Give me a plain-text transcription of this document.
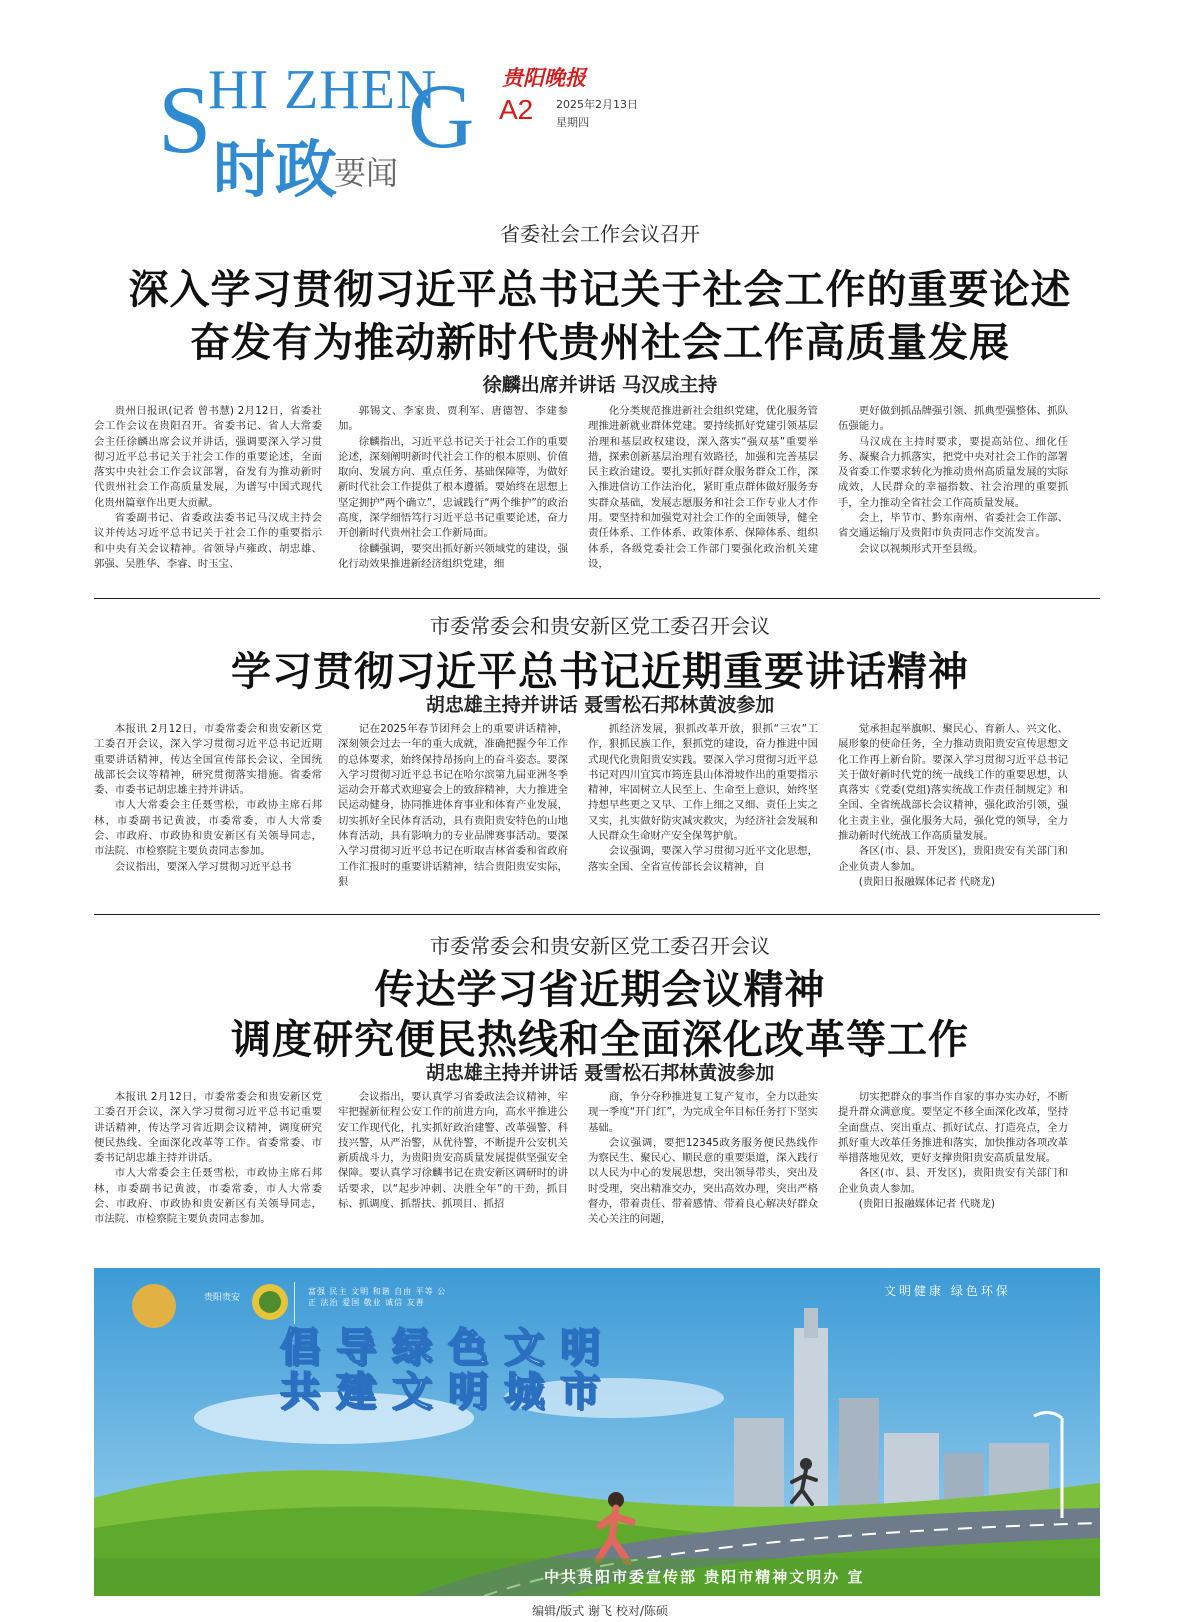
S
HI ZHEN
G
时政
要闻
贵阳晚报
A2 2025年2月13日
星期四
省委社会工作会议召开
深入学习贯彻习近平总书记关于社会工作的重要论述
奋发有为推动新时代贵州社会工作高质量发展
徐麟出席并讲话 马汉成主持

贵州日报讯(记者 曾书慧) 2月12日，省委社会工作会议在贵阳召开。省委书记、省人大常委会主任徐麟出席会议并讲话，强调要深入学习贯彻习近平总书记关于社会工作的重要论述，全面落实中央社会工作会议部署，奋发有为推动新时代贵州社会工作高质量发展，为谱写中国式现代化贵州篇章作出更大贡献。

省委副书记、省委政法委书记马汉成主持会议并传达习近平总书记关于社会工作的重要指示和中央有关会议精神。省领导卢雍政、胡忠雄、郭强、吴胜华、李睿、时玉宝、

郭锡文、李家贵、贾利军、唐德智、李建参加。

徐麟指出，习近平总书记关于社会工作的重要论述，深刻阐明新时代社会工作的根本原则、价值取向、发展方向、重点任务、基础保障等，为做好新时代社会工作提供了根本遵循。要始终在思想上坚定拥护“两个确立”，忠诚践行“两个维护”的政治高度，深学细悟笃行习近平总书记重要论述，奋力开创新时代贵州社会工作新局面。

徐麟强调，要突出抓好新兴领域党的建设，强化行动效果推进新经济组织党建，细

化分类规范推进新社会组织党建，优化服务管理推进新就业群体党建。要持续抓好党建引领基层治理和基层政权建设，深入落实“强双基”重要举措，探索创新基层治理有效路径，加强和完善基层民主政治建设。要扎实抓好群众服务群众工作，深入推进信访工作法治化，紧盯重点群体做好服务夯实群众基础，发展志愿服务和社会工作专业人才作用。要坚持和加强党对社会工作的全面领导，健全责任体系、工作体系、政策体系、保障体系、组织体系，各级党委社会工作部门要强化政治机关建设，

更好做到抓品牌强引领、抓典型强整体、抓队伍强能力。

马汉成在主持时要求，要提高站位、细化任务、凝聚合力抓落实，把党中央对社会工作的部署及省委工作要求转化为推动贵州高质量发展的实际成效，人民群众的幸福指数、社会治理的重要抓手，全力推动全省社会工作高质量发展。

会上，毕节市、黔东南州、省委社会工作部、省交通运输厅及贵阳市负责同志作交流发言。

会议以视频形式开至县级。

市委常委会和贵安新区党工委召开会议
学习贯彻习近平总书记近期重要讲话精神
胡忠雄主持并讲话 聂雪松石邦林黄波参加

本报讯 2月12日，市委常委会和贵安新区党工委召开会议，深入学习贯彻习近平总书记近期重要讲话精神，传达全国宣传部长会议、全国统战部长会议等精神，研究贯彻落实措施。省委常委、市委书记胡忠雄主持并讲话。

市人大常委会主任聂雪松，市政协主席石邦林，市委副书记黄波，市委常委，市人大常委会、市政府、市政协和贵安新区有关领导同志，市法院、市检察院主要负责同志参加。

会议指出，要深入学习贯彻习近平总书

记在2025年春节团拜会上的重要讲话精神，深刻领会过去一年的重大成就，准确把握今年工作的总体要求，始终保持昂扬向上的奋斗姿态。要深入学习贯彻习近平总书记在哈尔滨第九届亚洲冬季运动会开幕式欢迎宴会上的致辞精神，大力推进全民运动健身，协同推进体育事业和体育产业发展，切实抓好全民体育活动，具有贵阳贵安特色的山地体育活动，具有影响力的专业品牌赛事活动。要深入学习贯彻习近平总书记在听取吉林省委和省政府工作汇报时的重要讲话精神，结合贵阳贵安实际，狠

抓经济发展，狠抓改革开放，狠抓“三农”工作，狠抓民族工作，狠抓党的建设，奋力推进中国式现代化贵阳贵安实践。要深入学习贯彻习近平总书记对四川宜宾市筠连县山体滑坡作出的重要指示精神，牢固树立人民至上、生命至上意识，始终坚持想早些更之又早、工作上细之又细、责任上实之又实，扎实做好防灾减灾救灾，为经济社会发展和人民群众生命财产安全保驾护航。

会议强调，要深入学习贯彻习近平文化思想，落实全国、全省宣传部长会议精神，自

觉承担起举旗帜、聚民心、育新人、兴文化、展形象的使命任务，全力推动贵阳贵安宣传思想文化工作再上新台阶。要深入学习贯彻习近平总书记关于做好新时代党的统一战线工作的重要思想，认真落实《党委(党组)落实统战工作责任制规定》和全国、全省统战部长会议精神，强化政治引领，强化主责主业，强化服务大局，强化党的领导，全力推动新时代统战工作高质量发展。

各区(市、县、开发区)，贵阳贵安有关部门和企业负责人参加。

(贵阳日报融媒体记者 代晓龙)

市委常委会和贵安新区党工委召开会议
传达学习省近期会议精神
调度研究便民热线和全面深化改革等工作
胡忠雄主持并讲话 聂雪松石邦林黄波参加

本报讯 2月12日，市委常委会和贵安新区党工委召开会议，深入学习贯彻习近平总书记重要讲话精神，传达学习省近期会议精神，调度研究便民热线、全面深化改革等工作。省委常委、市委书记胡忠雄主持并讲话。

市人大常委会主任聂雪松，市政协主席石邦林，市委副书记黄波，市委常委，市人大常委会、市政府、市政协和贵安新区有关领导同志，市法院、市检察院主要负责同志参加。

会议指出，要认真学习省委政法会议精神，牢牢把握新征程公安工作的前进方向，高水平推进公安工作现代化，扎实抓好政治建警、改革强警、科技兴警，从严治警，从优待警，不断提升公安机关新质战斗力，为贵阳贵安高质量发展提供坚强安全保障。要认真学习徐麟书记在贵安新区调研时的讲话要求，以“起步冲刺、决胜全年”的干劲，抓目标、抓调度、抓帮扶、抓项目、抓招

商，争分夺秒推进复工复产复市，全力以赴实现一季度“开门红”，为完成全年目标任务打下坚实基础。

会议强调，要把12345政务服务便民热线作为察民生、聚民心、顺民意的重要渠道，深入践行以人民为中心的发展思想，突出领导带头，突出及时受理，突出精准交办，突出高效办理，突出严格督办，带着责任、带着感情、带着良心解决好群众关心关注的问题，

切实把群众的事当作自家的事办实办好，不断提升群众满意度。要坚定不移全面深化改革，坚持全面盘点、突出重点、抓好试点、打造亮点，全力抓好重大改革任务推进和落实，加快推动各项改革举措落地见效，更好支撑贵阳贵安高质量发展。

各区(市、县、开发区)，贵阳贵安有关部门和企业负责人参加。

(贵阳日报融媒体记者 代晓龙)

贵阳贵安
富强 民主 文明 和谐 自由 平等 公正 法治 爱国 敬业 诚信 友善
文明健康 绿色环保
倡导绿色文明
共建文明城市
中共贵阳市委宣传部 贵阳市精神文明办 宣
编辑/版式 谢飞 校对/陈硕
